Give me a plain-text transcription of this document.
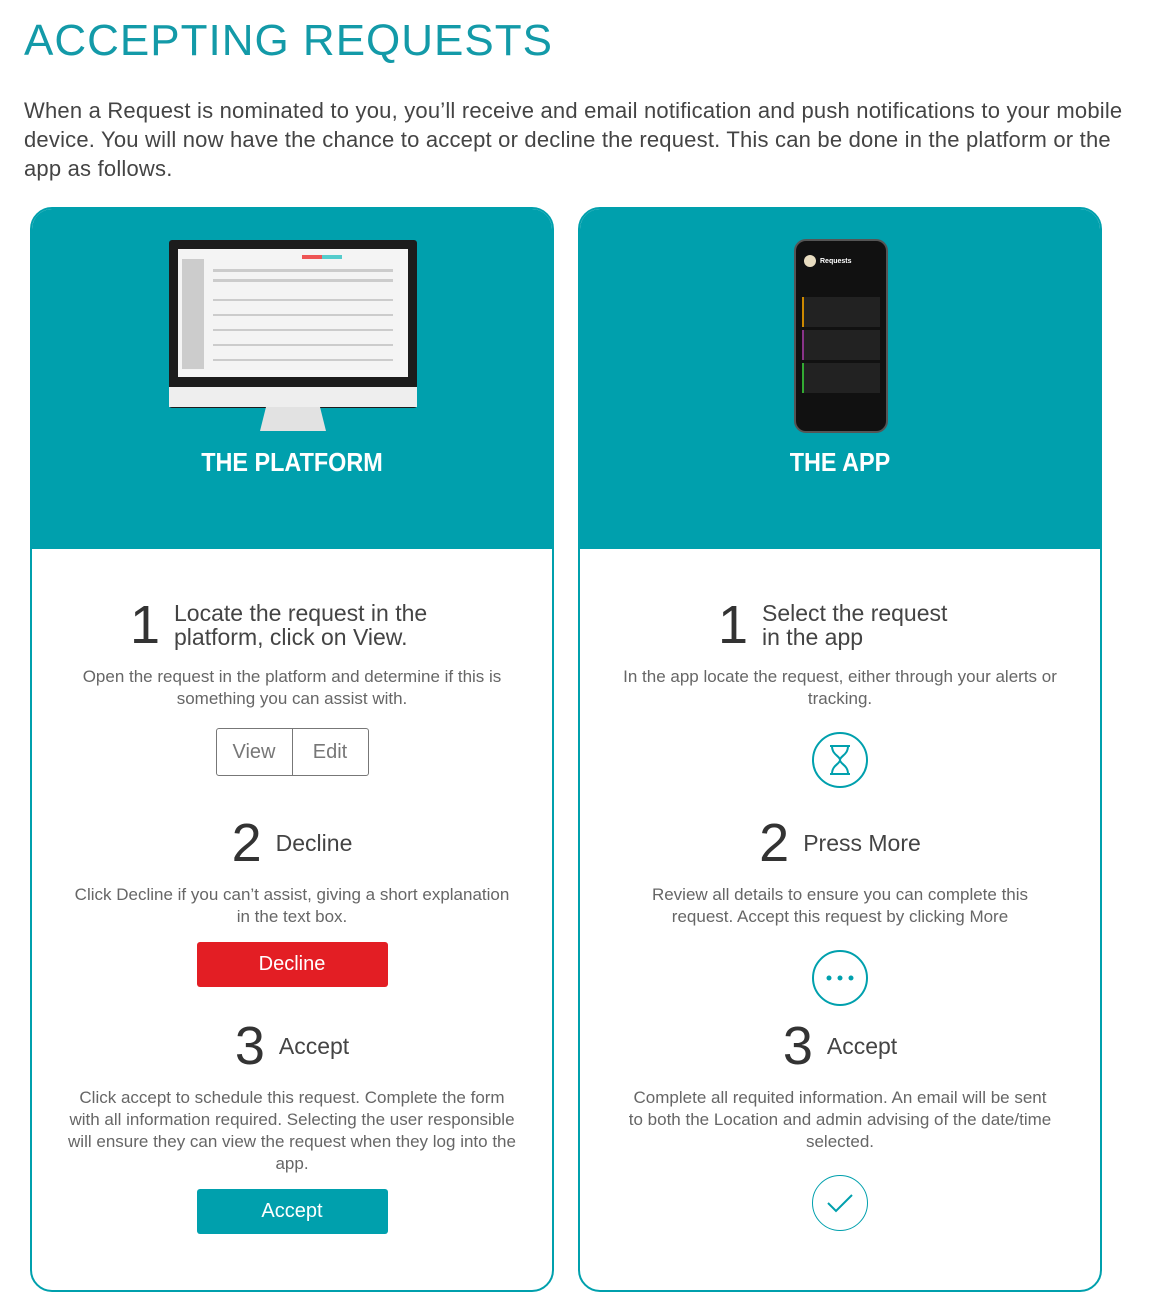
ACCEPTING REQUESTS

When a Request is nominated to you, you’ll receive and email notification and push notifications to your mobile device. You will now have the chance to accept or decline the request. This can be done in the platform or the app as follows.

THE PLATFORM
1 Locate the request in the platform, click on View.

Open the request in the platform and determine if this is something you can assist with.

View	Edit
2 Decline

Click Decline if you can’t assist, giving a short explanation in the text box.

Decline
3 Accept

Click accept to schedule this request. Complete the form with all information required. Selecting the user responsible will ensure they can view the request when they log into the app.

Accept
Requests
THE APP
1 Select the request in the app

In the app locate the request, either through your alerts or tracking.

2 Press More

Review all details to ensure you can complete this request. Accept this request by clicking More

3 Accept

Complete all requited information. An email will be sent to both the Location and admin advising of the date/time selected.
